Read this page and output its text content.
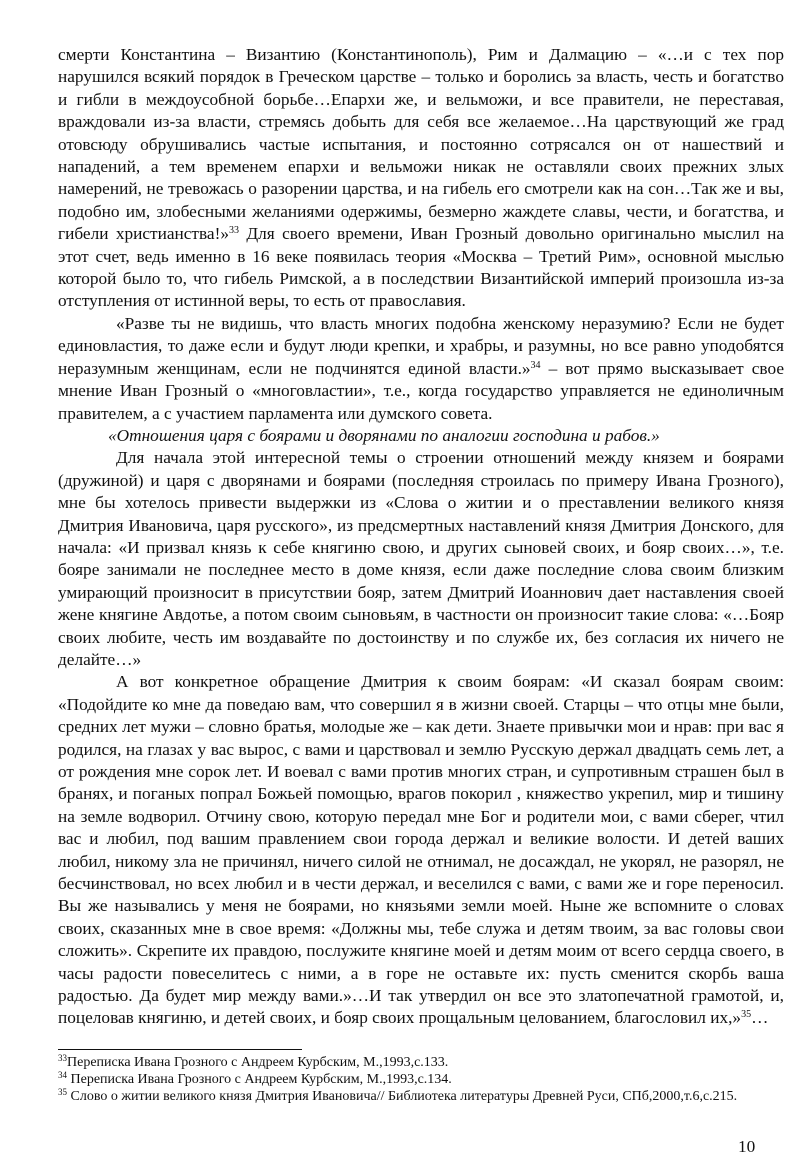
смерти Константина – Византию (Константинополь), Рим и Далмацию – «…и с тех пор нарушился всякий порядок в Греческом царстве – только и боролись за власть, честь и богатство и гибли в междоусобной борьбе…Епархи же, и вельможи, и все правители, не переставая, враждовали из-за власти, стремясь добыть для себя все желаемое…На царствующий же град отовсюду обрушивались частые испытания, и постоянно сотрясался он от нашествий и нападений, а тем временем епархи и вельможи никак не оставляли своих прежних злых намерений, не тревожась о разорении царства, и на гибель его смотрели как на сон…Так же и вы, подобно им, злобесными желаниями одержимы, безмерно жаждете славы, чести, и богатства, и гибели христианства!»$^{33}$ Для своего времени, Иван Грозный довольно оригинально мыслил на этот счет, ведь именно в 16 веке появилась теория «Москва – Третий Рим», основной мыслью которой было то, что гибель Римской, а в последствии Византийской империй произошла из-за отступления от истинной веры, то есть от православия.

«Разве ты не видишь, что власть многих подобна женскому неразумию? Если не будет единовластия, то даже если и будут люди крепки, и храбры, и разумны, но все равно уподобятся неразумным женщинам, если не подчинятся единой власти.»$^{34}$ – вот прямо высказывает свое мнение Иван Грозный о «многовластии», т.е., когда государство управляется не единоличным правителем, а с участием парламента или думского совета.

«Отношения царя с боярами и дворянами по аналогии господина и рабов.»

Для начала этой интересной темы о строении отношений между князем и боярами (дружиной) и царя с дворянами и боярами (последняя строилась по примеру Ивана Грозного), мне бы хотелось привести выдержки из «Слова о житии и о преставлении великого князя Дмитрия Ивановича, царя русского», из предсмертных наставлений князя Дмитрия Донского, для начала: «И призвал князь к себе княгиню свою, и других сыновей своих, и бояр своих…», т.е. бояре занимали не последнее место в доме князя, если даже последние слова своим близким умирающий произносит в присутствии бояр, затем Дмитрий Иоаннович дает наставления своей жене княгине Авдотье, а потом своим сыновьям, в частности он произносит такие слова: «…Бояр своих любите, честь им воздавайте по достоинству и по службе их, без согласия их ничего не делайте…»

А вот конкретное обращение Дмитрия к своим боярам: «И сказал боярам своим: «Подойдите ко мне да поведаю вам, что совершил я в жизни своей. Старцы – что отцы мне были, средних лет мужи – словно братья, молодые же – как дети. Знаете привычки мои и нрав: при вас я родился, на глазах у вас вырос, с вами и царствовал и землю Русскую держал двадцать семь лет, а от рождения мне сорок лет. И воевал с вами против многих стран, и супротивным страшен был в бранях, и поганых попрал Божьей помощью, врагов покорил , княжество укрепил, мир и тишину на земле водворил. Отчину свою, которую передал мне Бог и родители мои, с вами сберег, чтил вас и любил, под вашим правлением свои города держал и великие волости. И детей ваших любил, никому зла не причинял, ничего силой не отнимал, не досаждал, не укорял, не разорял, не бесчинствовал, но всех любил и в чести держал, и веселился с вами, с вами же и горе переносил. Вы же назывались у меня не боярами, но князьями земли моей. Ныне же вспомните о словах своих, сказанных мне в свое время: «Должны мы, тебе служа и детям твоим, за вас головы свои сложить». Скрепите их правдою, послужите княгине моей и детям моим от всего сердца своего, в часы радости повеселитесь с ними, а в горе не оставьте их: пусть сменится скорбь ваша радостью. Да будет мир между вами.»…И так утвердил он все это златопечатной грамотой, и, поцеловав княгиню, и детей своих, и бояр своих прощальным целованием, благословил их,»$^{35}$…

$^{33}$Переписка Ивана Грозного с Андреем Курбским, М.,1993,с.133.

$^{34}$ Переписка Ивана Грозного с Андреем Курбским, М.,1993,с.134.

$^{35}$ Слово о житии великого князя Дмитрия Ивановича// Библиотека литературы Древней Руси, СПб,2000,т.6,с.215.

10
